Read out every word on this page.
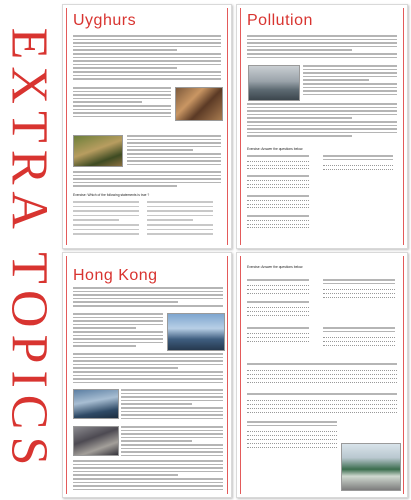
EXTRA TOPICS
Uyghurs
Exercise: Which of the following statements is true ?
Pollution
Exercise: Answer the questions below.
Hong Kong	Exercise: Answer the questions below.
